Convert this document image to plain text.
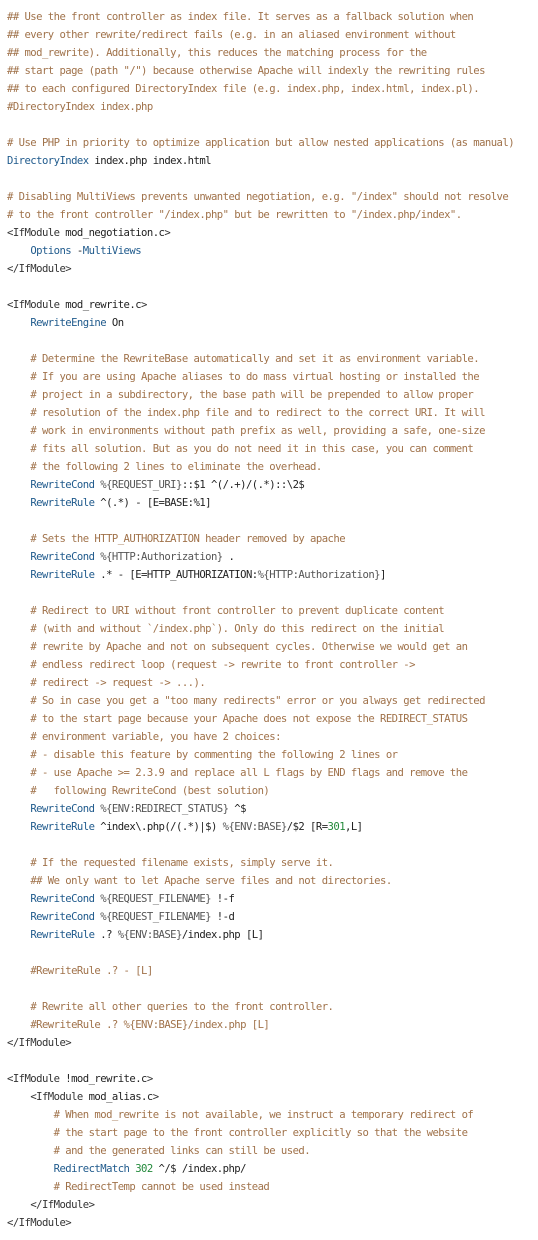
## Use the front controller as index file. It serves as a fallback solution when
## every other rewrite/redirect fails (e.g. in an aliased environment without
## mod_rewrite). Additionally, this reduces the matching process for the
## start page (path "/") because otherwise Apache will indexly the rewriting rules
## to each configured DirectoryIndex file (e.g. index.php, index.html, index.pl).
#DirectoryIndex index.php
# Use PHP in priority to optimize application but allow nested applications (as manual)
DirectoryIndex index.php index.html
# Disabling MultiViews prevents unwanted negotiation, e.g. "/index" should not resolve
# to the front controller "/index.php" but be rewritten to "/index.php/index".
<IfModule mod_negotiation.c>
Options -MultiViews
</IfModule>
<IfModule mod_rewrite.c>
RewriteEngine On
# Determine the RewriteBase automatically and set it as environment variable.
# If you are using Apache aliases to do mass virtual hosting or installed the
# project in a subdirectory, the base path will be prepended to allow proper
# resolution of the index.php file and to redirect to the correct URI. It will
# work in environments without path prefix as well, providing a safe, one-size
# fits all solution. But as you do not need it in this case, you can comment
# the following 2 lines to eliminate the overhead.
RewriteCond %{REQUEST_URI}::$1 ^(/.+)/(.*)::\2$
RewriteRule ^(.*) - [E=BASE:%1]
# Sets the HTTP_AUTHORIZATION header removed by apache
RewriteCond %{HTTP:Authorization} .
RewriteRule .* - [E=HTTP_AUTHORIZATION:%{HTTP:Authorization}]
# Redirect to URI without front controller to prevent duplicate content
# (with and without `/index.php`). Only do this redirect on the initial
# rewrite by Apache and not on subsequent cycles. Otherwise we would get an
# endless redirect loop (request -> rewrite to front controller ->
# redirect -> request -> ...).
# So in case you get a "too many redirects" error or you always get redirected
# to the start page because your Apache does not expose the REDIRECT_STATUS
# environment variable, you have 2 choices:
# - disable this feature by commenting the following 2 lines or
# - use Apache >= 2.3.9 and replace all L flags by END flags and remove the
#   following RewriteCond (best solution)
RewriteCond %{ENV:REDIRECT_STATUS} ^$
RewriteRule ^index\.php(/(.*)|$) %{ENV:BASE}/$2 [R=301,L]
# If the requested filename exists, simply serve it.
## We only want to let Apache serve files and not directories.
RewriteCond %{REQUEST_FILENAME} !-f
RewriteCond %{REQUEST_FILENAME} !-d
RewriteRule .? %{ENV:BASE}/index.php [L]
#RewriteRule .? - [L]
# Rewrite all other queries to the front controller.
#RewriteRule .? %{ENV:BASE}/index.php [L]
</IfModule>
<IfModule !mod_rewrite.c>
<IfModule mod_alias.c>
# When mod_rewrite is not available, we instruct a temporary redirect of
# the start page to the front controller explicitly so that the website
# and the generated links can still be used.
RedirectMatch 302 ^/$ /index.php/
# RedirectTemp cannot be used instead
</IfModule>
</IfModule>
